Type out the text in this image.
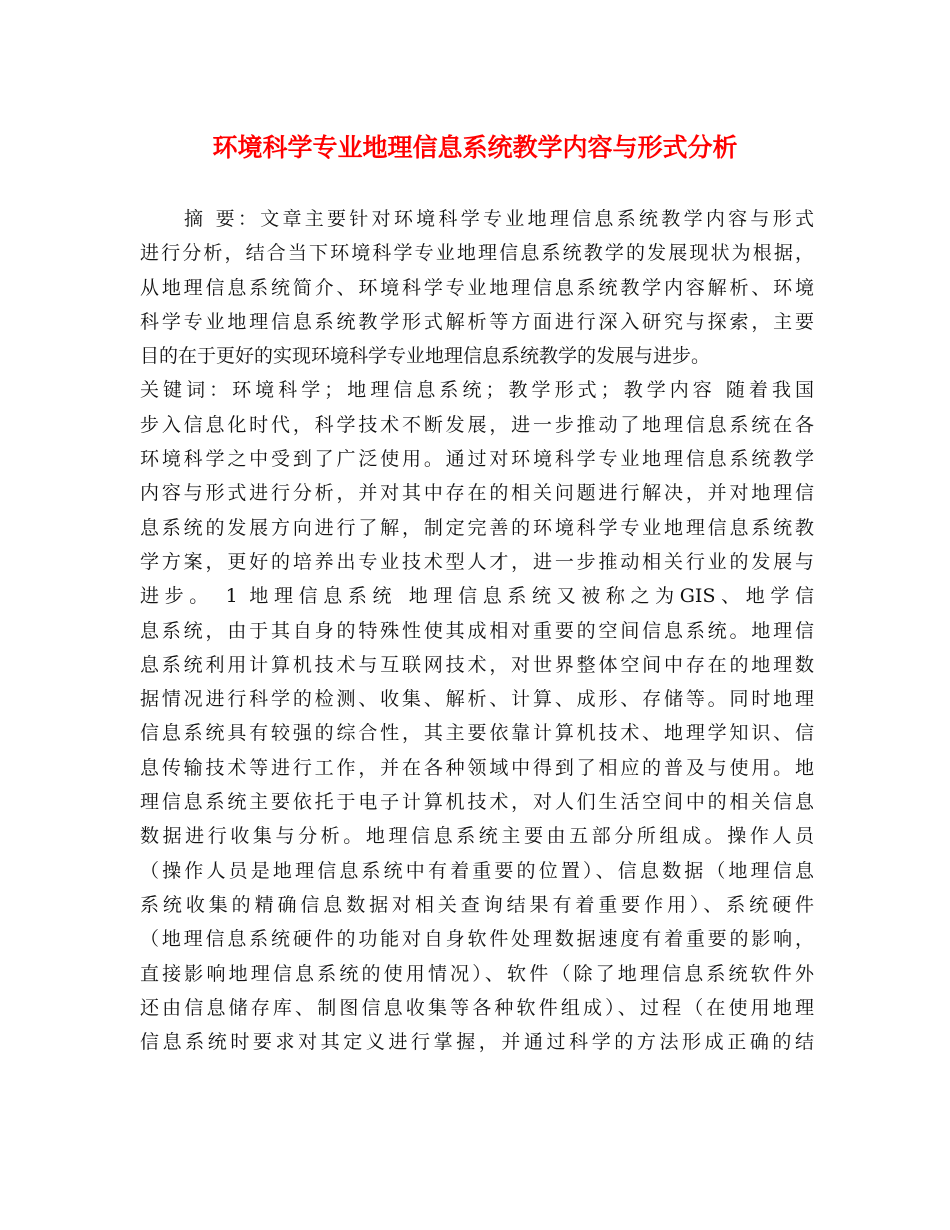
环境科学专业地理信息系统教学内容与形式分析
摘 要：文章主要针对环境科学专业地理信息系统教学内容与形式
进行分析，结合当下环境科学专业地理信息系统教学的发展现状为根据，
从地理信息系统简介、环境科学专业地理信息系统教学内容解析、环境
科学专业地理信息系统教学形式解析等方面进行深入研究与探索，主要
目的在于更好的实现环境科学专业地理信息系统教学的发展与进步。
关键词：环境科学；地理信息系统；教学形式；教学内容 随着我国
步入信息化时代，科学技术不断发展，进一步推动了地理信息系统在各
环境科学之中受到了广泛使用。通过对环境科学专业地理信息系统教学
内容与形式进行分析，并对其中存在的相关问题进行解决，并对地理信
息系统的发展方向进行了解，制定完善的环境科学专业地理信息系统教
学方案，更好的培养出专业技术型人才，进一步推动相关行业的发展与
进步。 1 地理信息系统 地理信息系统又被称之为GIS、地学信
息系统，由于其自身的特殊性使其成相对重要的空间信息系统。地理信
息系统利用计算机技术与互联网技术，对世界整体空间中存在的地理数
据情况进行科学的检测、收集、解析、计算、成形、存储等。同时地理
信息系统具有较强的综合性，其主要依靠计算机技术、地理学知识、信
息传输技术等进行工作，并在各种领域中得到了相应的普及与使用。地
理信息系统主要依托于电子计算机技术，对人们生活空间中的相关信息
数据进行收集与分析。地理信息系统主要由五部分所组成。操作人员
（操作人员是地理信息系统中有着重要的位置）、信息数据（地理信息
系统收集的精确信息数据对相关查询结果有着重要作用）、系统硬件
（地理信息系统硬件的功能对自身软件处理数据速度有着重要的影响，
直接影响地理信息系统的使用情况）、软件（除了地理信息系统软件外
还由信息储存库、制图信息收集等各种软件组成）、过程（在使用地理
信息系统时要求对其定义进行掌握，并通过科学的方法形成正确的结
